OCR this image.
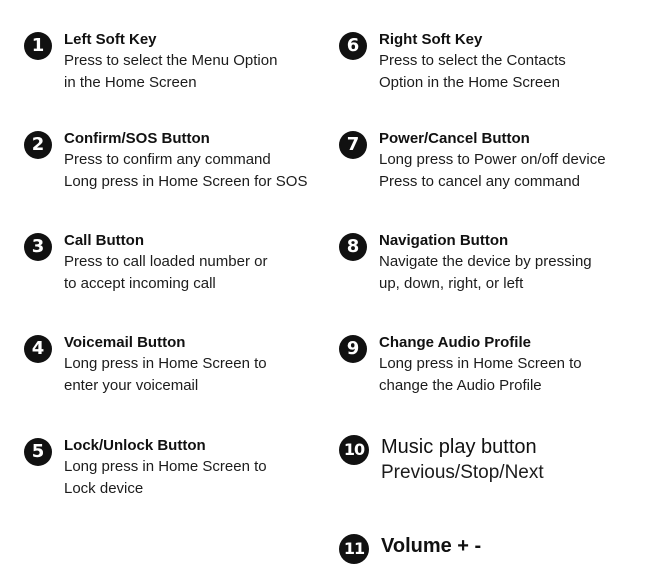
1	Left Soft Key
Press to select the Menu Option
in the Home Screen
2	Confirm/SOS Button
Press to confirm any command
Long press in Home Screen for SOS
3	Call Button
Press to call loaded number or
to accept incoming call
4	Voicemail Button
Long press in Home Screen to
enter your voicemail
5	Lock/Unlock Button
Long press in Home Screen to
Lock device
6	Right Soft Key
Press to select the Contacts
Option in the Home Screen
7	Power/Cancel Button
Long press to Power on/off device
Press to cancel any command
8	Navigation Button
Navigate the device by pressing
up, down, right, or left
9	Change Audio Profile
Long press in Home Screen to
change the Audio Profile
10 Music play button
Previous/Stop/Next
11 Volume + -
